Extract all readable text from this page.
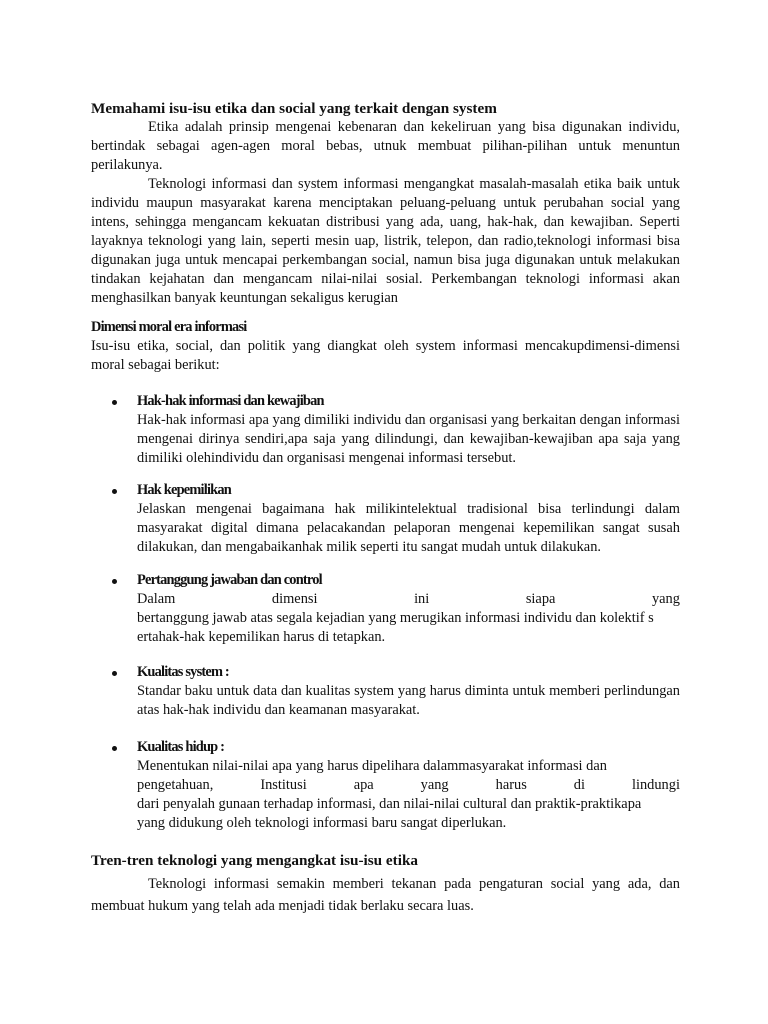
Memahami isu-isu etika dan social yang terkait dengan system

Etika adalah prinsip mengenai kebenaran dan kekeliruan yang bisa digunakan individu, bertindak sebagai agen-agen moral bebas, utnuk membuat pilihan-pilihan untuk menuntun perilakunya.

Teknologi informasi dan system informasi mengangkat masalah-masalah etika baik untuk individu maupun masyarakat karena menciptakan peluang-peluang untuk perubahan social yang intens, sehingga mengancam kekuatan distribusi yang ada, uang, hak-hak, dan kewajiban. Seperti layaknya teknologi yang lain, seperti mesin uap, listrik, telepon, dan radio,teknologi informasi bisa digunakan juga untuk mencapai perkembangan social, namun bisa juga digunakan untuk melakukan tindakan kejahatan dan mengancam nilai-nilai sosial. Perkembangan teknologi informasi akan menghasilkan banyak keuntungan sekaligus kerugian

Dimensi moral era informasi

Isu-isu etika, social, dan politik yang diangkat oleh system informasi mencakupdimensi-dimensi moral sebagai berikut:

Hak-hak informasi dan kewajiban

Hak-hak informasi apa yang dimiliki individu dan organisasi yang berkaitan dengan informasi mengenai dirinya sendiri,apa saja yang dilindungi, dan kewajiban-kewajiban apa saja yang dimiliki olehindividu dan organisasi mengenai informasi tersebut.

Hak kepemilikan

Jelaskan mengenai bagaimana hak milikintelektual tradisional bisa terlindungi dalam masyarakat digital dimana pelacakandan pelaporan mengenai kepemilikan sangat susah dilakukan, dan mengabaikanhak milik seperti itu sangat mudah untuk dilakukan.

Pertanggung jawaban dan control
Dalam	dimensi	ini	siapa	yang
bertanggung jawab atas segala kejadian yang merugikan informasi individu dan kolektif s
ertahak-hak kepemilikan harus di tetapkan.
Kualitas system :

Standar baku untuk data dan kualitas system yang harus diminta untuk memberi perlindungan atas hak-hak individu dan keamanan masyarakat.

Kualitas hidup :
Menentukan nilai-nilai apa yang harus dipelihara dalammasyarakat informasi dan
pengetahuan,	Institusi	apa	yang	harus	di	lindungi
dari penyalah gunaan terhadap informasi, dan nilai-nilai cultural dan praktik-praktikapa
yang didukung oleh teknologi informasi baru sangat diperlukan.
Tren-tren teknologi yang mengangkat isu-isu etika

Teknologi informasi semakin memberi tekanan pada pengaturan social yang ada, dan membuat hukum yang telah ada menjadi tidak berlaku secara luas.
